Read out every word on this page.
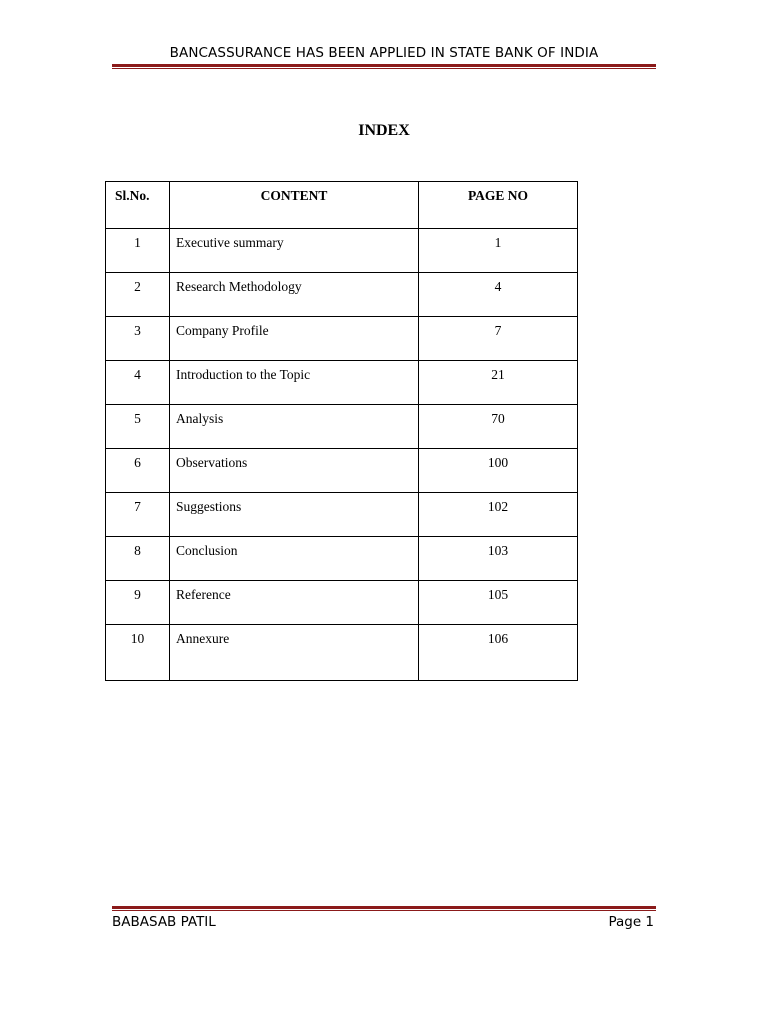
BANCASSURANCE HAS BEEN APPLIED IN STATE BANK OF INDIA
INDEX
Sl.No.	CONTENT	PAGE NO
1	Executive summary	1
2	Research Methodology	4
3	Company Profile	7
4	Introduction to the Topic	21
5	Analysis	70
6	Observations	100
7	Suggestions	102
8	Conclusion	103
9	Reference	105
10	Annexure	106
BABASAB PATIL	Page 1
